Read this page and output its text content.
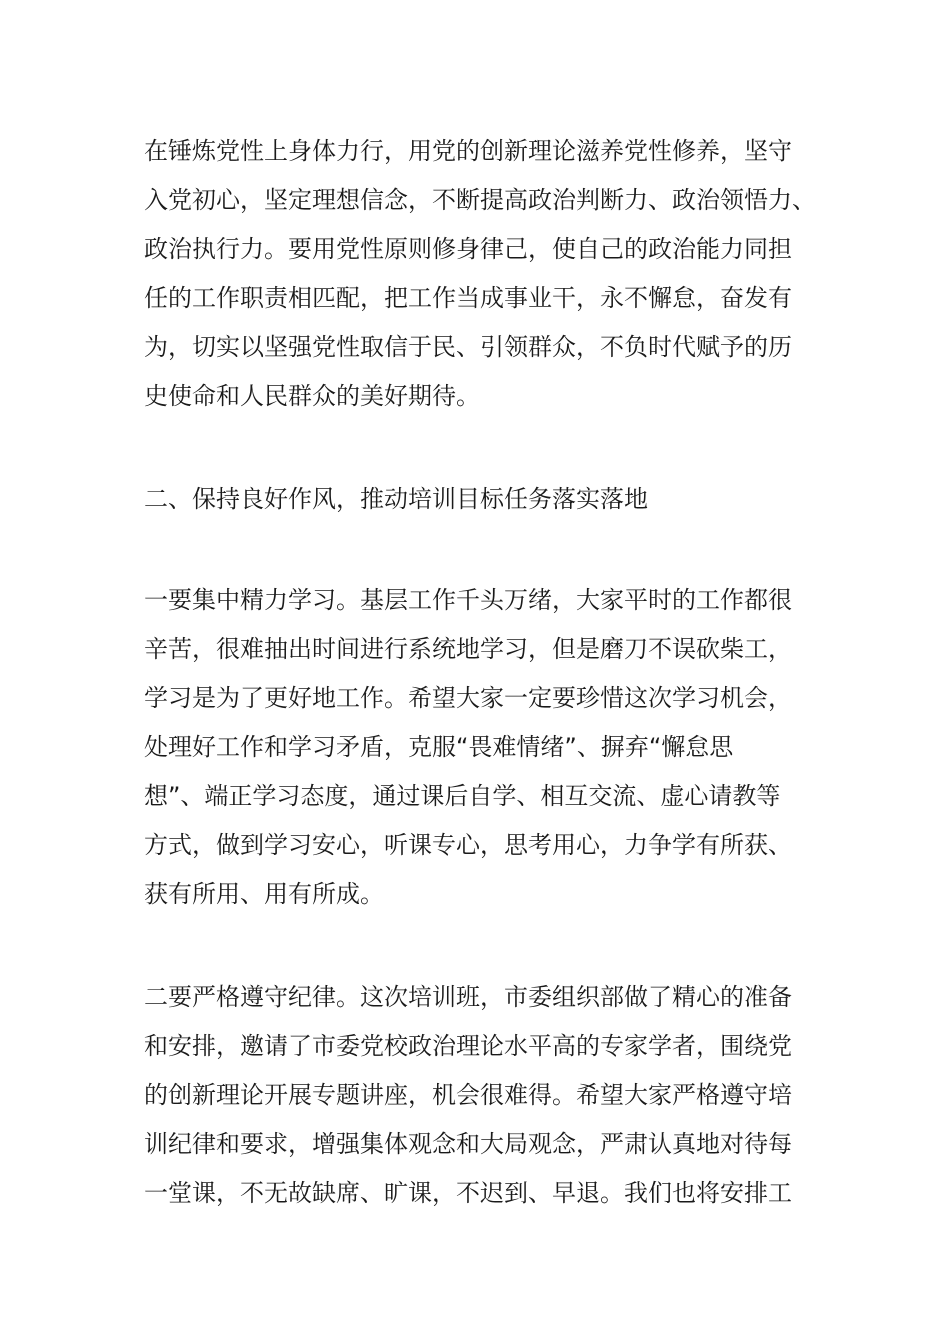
在锤炼党性上身体力行，用党的创新理论滋养党性修养，坚守
入党初心，坚定理想信念，不断提高政治判断力、政治领悟力、
政治执行力。要用党性原则修身律己，使自己的政治能力同担
任的工作职责相匹配，把工作当成事业干，永不懈怠，奋发有
为，切实以坚强党性取信于民、引领群众，不负时代赋予的历
史使命和人民群众的美好期待。
二、保持良好作风，推动培训目标任务落实落地
一要集中精力学习。基层工作千头万绪，大家平时的工作都很
辛苦，很难抽出时间进行系统地学习，但是磨刀不误砍柴工，
学习是为了更好地工作。希望大家一定要珍惜这次学习机会，
处理好工作和学习矛盾，克服“畏难情绪”、摒弃“懈怠思
想”、端正学习态度，通过课后自学、相互交流、虚心请教等
方式，做到学习安心，听课专心，思考用心，力争学有所获、
获有所用、用有所成。
二要严格遵守纪律。这次培训班，市委组织部做了精心的准备
和安排，邀请了市委党校政治理论水平高的专家学者，围绕党
的创新理论开展专题讲座，机会很难得。希望大家严格遵守培
训纪律和要求，增强集体观念和大局观念，严肃认真地对待每
一堂课，不无故缺席、旷课，不迟到、早退。我们也将安排工
